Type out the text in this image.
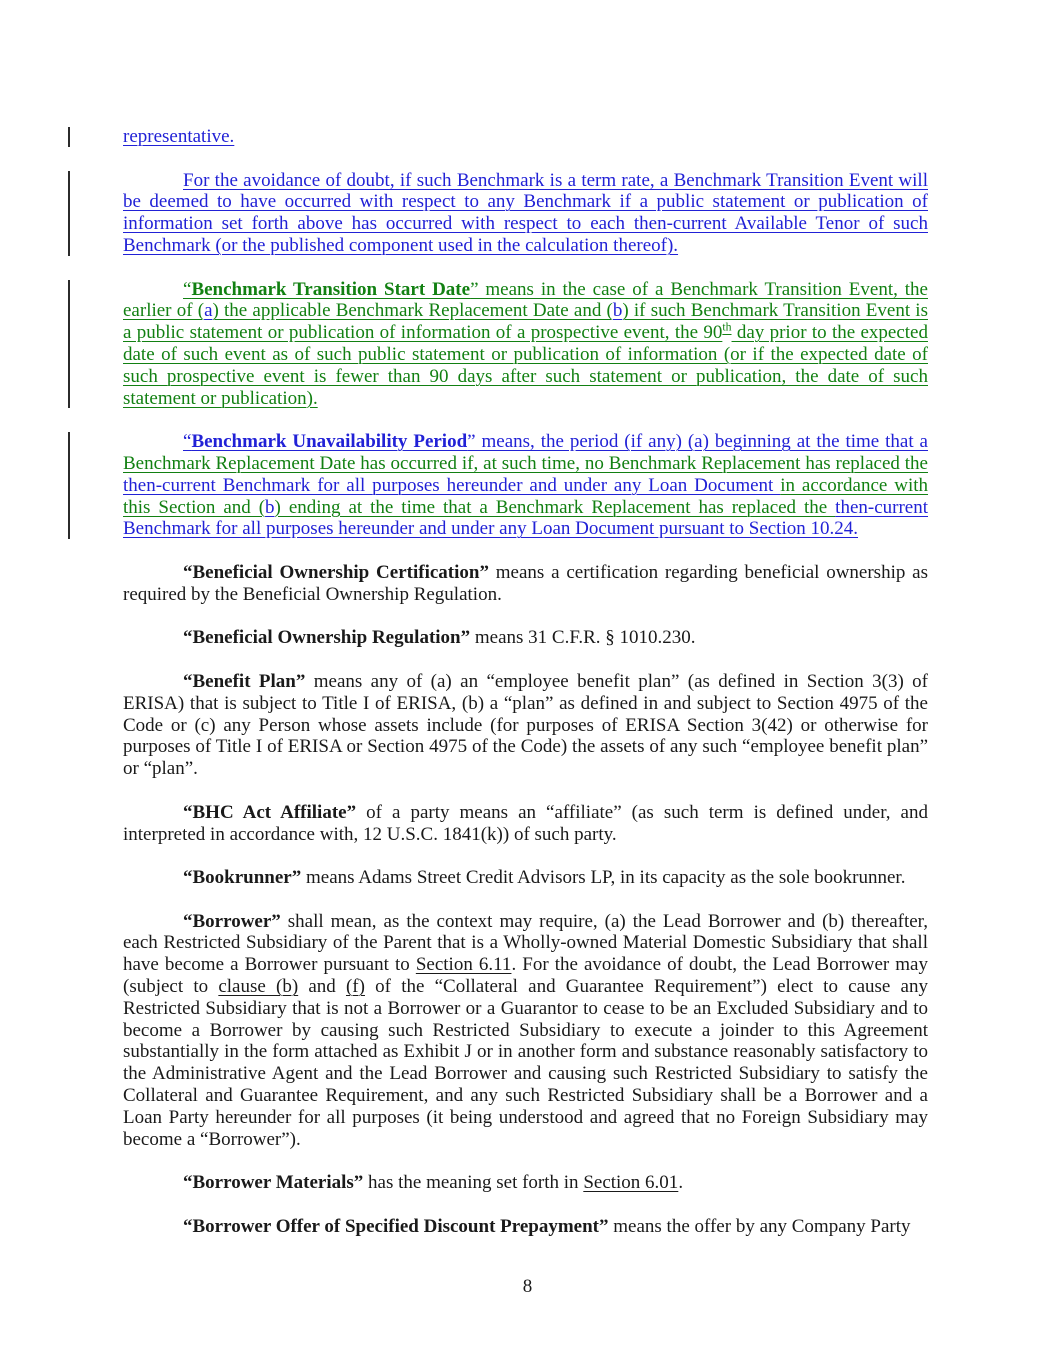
representative.

For the avoidance of doubt, if such Benchmark is a term rate, a Benchmark Transition Event will be deemed to have occurred with respect to any Benchmark if a public statement or publication of information set forth above has occurred with respect to each then-current Available Tenor of such Benchmark (or the published component used in the calculation thereof).

“Benchmark Transition Start Date” means in the case of a Benchmark Transition Event, the earlier of (a) the applicable Benchmark Replacement Date and (b) if such Benchmark Transition Event is a public statement or publication of information of a prospective event, the 90th day prior to the expected date of such event as of such public statement or publication of information (or if the expected date of such prospective event is fewer than 90 days after such statement or publication, the date of such statement or publication).

“Benchmark Unavailability Period” means, the period (if any) (a) beginning at the time that a Benchmark Replacement Date has occurred if, at such time, no Benchmark Replacement has replaced the then-current Benchmark for all purposes hereunder and under any Loan Document in accordance with this Section and (b) ending at the time that a Benchmark Replacement has replaced the then-current Benchmark for all purposes hereunder and under any Loan Document pursuant to Section 10.24.

“Beneficial Ownership Certification” means a certification regarding beneficial ownership as required by the Beneficial Ownership Regulation.

“Beneficial Ownership Regulation” means 31 C.F.R. § 1010.230.

“Benefit Plan” means any of (a) an “employee benefit plan” (as defined in Section 3(3) of ERISA) that is subject to Title I of ERISA, (b) a “plan” as defined in and subject to Section 4975 of the Code or (c) any Person whose assets include (for purposes of ERISA Section 3(42) or otherwise for purposes of Title I of ERISA or Section 4975 of the Code) the assets of any such “employee benefit plan” or “plan”.

“BHC Act Affiliate” of a party means an “affiliate” (as such term is defined under, and interpreted in accordance with, 12 U.S.C. 1841(k)) of such party.

“Bookrunner” means Adams Street Credit Advisors LP, in its capacity as the sole bookrunner.

“Borrower” shall mean, as the context may require, (a) the Lead Borrower and (b) thereafter, each Restricted Subsidiary of the Parent that is a Wholly-owned Material Domestic Subsidiary that shall have become a Borrower pursuant to Section 6.11. For the avoidance of doubt, the Lead Borrower may (subject to clause (b) and (f) of the “Collateral and Guarantee Requirement”) elect to cause any Restricted Subsidiary that is not a Borrower or a Guarantor to cease to be an Excluded Subsidiary and to become a Borrower by causing such Restricted Subsidiary to execute a joinder to this Agreement substantially in the form attached as Exhibit J or in another form and substance reasonably satisfactory to the Administrative Agent and the Lead Borrower and causing such Restricted Subsidiary to satisfy the Collateral and Guarantee Requirement, and any such Restricted Subsidiary shall be a Borrower and a Loan Party hereunder for all purposes (it being understood and agreed that no Foreign Subsidiary may become a “Borrower”).

“Borrower Materials” has the meaning set forth in Section 6.01.

“Borrower Offer of Specified Discount Prepayment” means the offer by any Company Party

8
